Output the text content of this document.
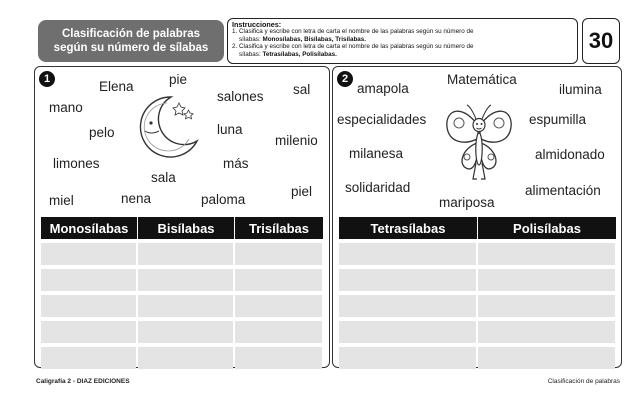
Clasificación de palabras
según su número de sílabas
Instrucciones:
1. Clasifica y escribe con letra de carta el nombre de las palabras según su número de
sílabas: Monosílabas, Bisílabas, Trisílabas.
2. Clasifica y escribe con letra de carta el nombre de las palabras según su número de
sílabas: Tetrasílabas, Polisílabas.
30
1	Elena	pie
salones sal
mano
pelo	luna
milenio
limones	más
sala
piel
miel	nena	paloma
Monosílabas	Bisílabas	Trisílabas
2
amapola
Matemática
ilumina
especialidades	espumilla
milanesa	almidonado
solidaridad	alimentación
mariposa
Tetrasílabas	Polisílabas
Caligrafía 2 - DIAZ EDICIONES	Clasificación de palabras
